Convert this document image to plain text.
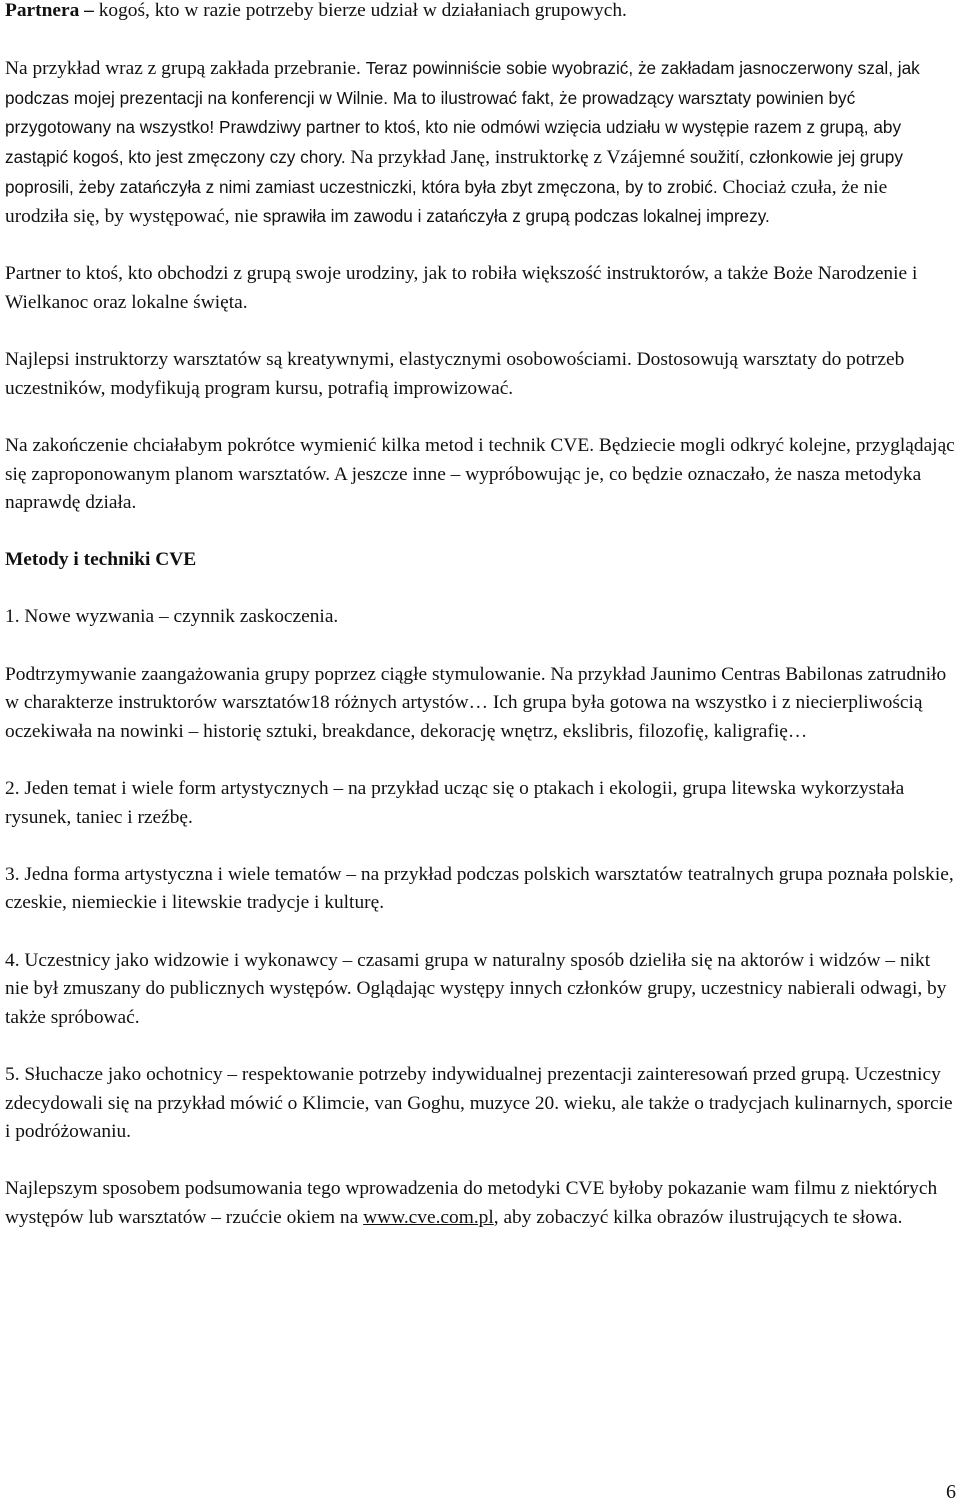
Partnera – kogoś, kto w razie potrzeby bierze udział w działaniach grupowych.

Na przykład wraz z grupą zakłada przebranie. Teraz powinniście sobie wyobrazić, że zakładam jasnoczerwony szal, jak podczas mojej prezentacji na konferencji w Wilnie. Ma to ilustrować fakt, że prowadzący warsztaty powinien być przygotowany na wszystko! Prawdziwy partner to ktoś, kto nie odmówi wzięcia udziału w występie razem z grupą, aby zastąpić kogoś, kto jest zmęczony czy chory. Na przykład Janę, instruktorkę z Vzájemné soužití, członkowie jej grupy poprosili, żeby zatańczyła z nimi zamiast uczestniczki, która była zbyt zmęczona, by to zrobić. Chociaż czuła, że nie urodziła się, by występować, nie sprawiła im zawodu i zatańczyła z grupą podczas lokalnej imprezy.

Partner to ktoś, kto obchodzi z grupą swoje urodziny, jak to robiła większość instruktorów, a także Boże Narodzenie i Wielkanoc oraz lokalne święta.

Najlepsi instruktorzy warsztatów są kreatywnymi, elastycznymi osobowościami. Dostosowują warsztaty do potrzeb uczestników, modyfikują program kursu, potrafią improwizować.

Na zakończenie chciałabym pokrótce wymienić kilka metod i technik CVE. Będziecie mogli odkryć kolejne, przyglądając się zaproponowanym planom warsztatów. A jeszcze inne – wypróbowując je, co będzie oznaczało, że nasza metodyka naprawdę działa.

Metody i techniki CVE

1. Nowe wyzwania – czynnik zaskoczenia.

Podtrzymywanie zaangażowania grupy poprzez ciągłe stymulowanie. Na przykład Jaunimo Centras Babilonas zatrudniło w charakterze instruktorów warsztatów18 różnych artystów… Ich grupa była gotowa na wszystko i z niecierpliwością oczekiwała na nowinki – historię sztuki, breakdance, dekorację wnętrz, ekslibris, filozofię, kaligrafię…

2. Jeden temat i wiele form artystycznych – na przykład ucząc się o ptakach i ekologii, grupa litewska wykorzystała rysunek, taniec i rzeźbę.

3. Jedna forma artystyczna i wiele tematów – na przykład podczas polskich warsztatów teatralnych grupa poznała polskie, czeskie, niemieckie i litewskie tradycje i kulturę.

4. Uczestnicy jako widzowie i wykonawcy – czasami grupa w naturalny sposób dzieliła się na aktorów i widzów – nikt nie był zmuszany do publicznych występów. Oglądając występy innych członków grupy, uczestnicy nabierali odwagi, by także spróbować.

5. Słuchacze jako ochotnicy – respektowanie potrzeby indywidualnej prezentacji zainteresowań przed grupą. Uczestnicy zdecydowali się na przykład mówić o Klimcie, van Goghu, muzyce 20. wieku, ale także o tradycjach kulinarnych, sporcie i podróżowaniu.

Najlepszym sposobem podsumowania tego wprowadzenia do metodyki CVE byłoby pokazanie wam filmu z niektórych występów lub warsztatów – rzućcie okiem na www.cve.com.pl, aby zobaczyć kilka obrazów ilustrujących te słowa.

6
